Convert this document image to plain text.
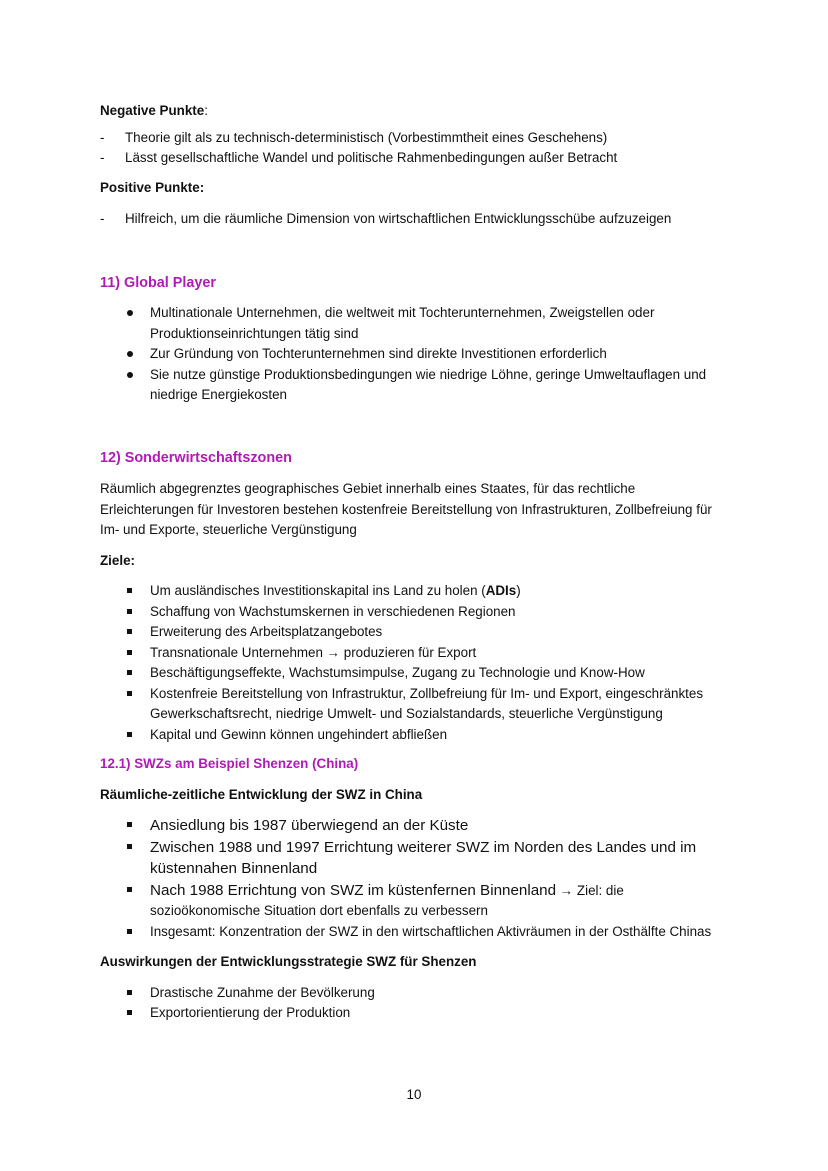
Negative Punkte:

- Theorie gilt als zu technisch-deterministisch (Vorbestimmtheit eines Geschehens)
- Lässt gesellschaftliche Wandel und politische Rahmenbedingungen außer Betracht

Positive Punkte:

- Hilfreich, um die räumliche Dimension von wirtschaftlichen Entwicklungsschübe aufzuzeigen

11) Global Player

Multinationale Unternehmen, die weltweit mit Tochterunternehmen, Zweigstellen oder Produktionseinrichtungen tätig sind
Zur Gründung von Tochterunternehmen sind direkte Investitionen erforderlich
Sie nutze günstige Produktionsbedingungen wie niedrige Löhne, geringe Umweltauflagen und niedrige Energiekosten

12) Sonderwirtschaftszonen

Räumlich abgegrenztes geographisches Gebiet innerhalb eines Staates, für das rechtliche Erleichterungen für Investoren bestehen kostenfreie Bereitstellung von Infrastrukturen, Zollbefreiung für Im- und Exporte, steuerliche Vergünstigung

Ziele:

Um ausländisches Investitionskapital ins Land zu holen (ADIs)
Schaffung von Wachstumskernen in verschiedenen Regionen
Erweiterung des Arbeitsplatzangebotes
Transnationale Unternehmen → produzieren für Export
Beschäftigungseffekte, Wachstumsimpulse, Zugang zu Technologie und Know-How
Kostenfreie Bereitstellung von Infrastruktur, Zollbefreiung für Im- und Export, eingeschränktes Gewerkschaftsrecht, niedrige Umwelt- und Sozialstandards, steuerliche Vergünstigung
Kapital und Gewinn können ungehindert abfließen

12.1) SWZs am Beispiel Shenzen (China)

Räumliche-zeitliche Entwicklung der SWZ in China

Ansiedlung bis 1987 überwiegend an der Küste
Zwischen 1988 und 1997 Errichtung weiterer SWZ im Norden des Landes und im küstennahen Binnenland
Nach 1988 Errichtung von SWZ im küstenfernen Binnenland → Ziel: die sozioökonomische Situation dort ebenfalls zu verbessern
Insgesamt: Konzentration der SWZ in den wirtschaftlichen Aktivräumen in der Osthälfte Chinas

Auswirkungen der Entwicklungsstrategie SWZ für Shenzen

Drastische Zunahme der Bevölkerung
Exportorientierung der Produktion
10
